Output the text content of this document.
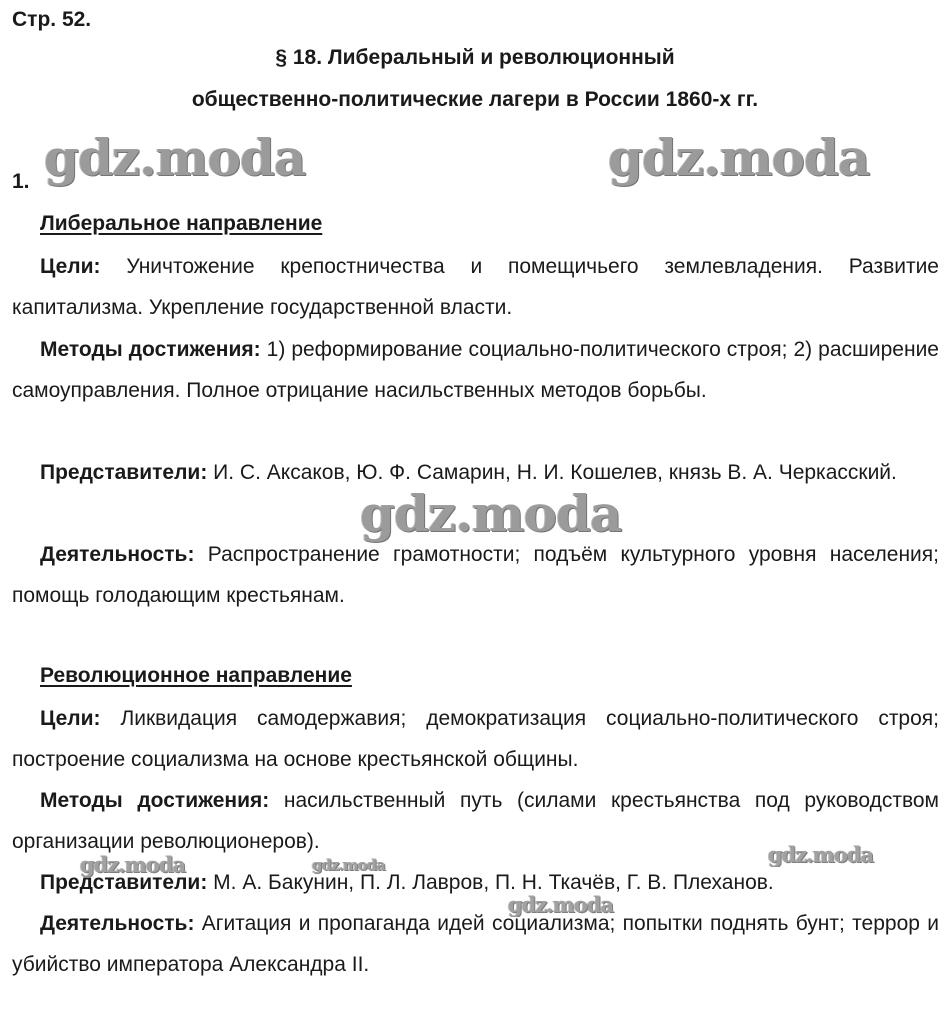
gdz.moda	gdz.moda
gdz.moda
gdz.moda	gdz.moda	gdz.moda
gdz.moda
Стр. 52.
§ 18. Либеральный и революционный
общественно-политические лагери в России 1860-х гг.
1.
Либеральное направление
Цели: Уничтожение крепостничества и помещичьего землевладения. Развитие капитализма. Укрепление государственной власти.
Методы достижения: 1) реформирование социально-политического строя; 2) расширение самоуправления. Полное отрицание насильственных методов борьбы.
Представители: И. С. Аксаков, Ю. Ф. Самарин, Н. И. Кошелев, князь В. А. Черкасский.
Деятельность: Распространение грамотности; подъём культурного уровня населения; помощь голодающим крестьянам.
Революционное направление
Цели: Ликвидация самодержавия; демократизация социально-политического строя; построение социализма на основе крестьянской общины.
Методы достижения: насильственный путь (силами крестьянства под руководством организации революционеров).
Представители: М. А. Бакунин, П. Л. Лавров, П. Н. Ткачёв, Г. В. Плеханов.
Деятельность: Агитация и пропаганда идей социализма; попытки поднять бунт; террор и убийство императора Александра II.
